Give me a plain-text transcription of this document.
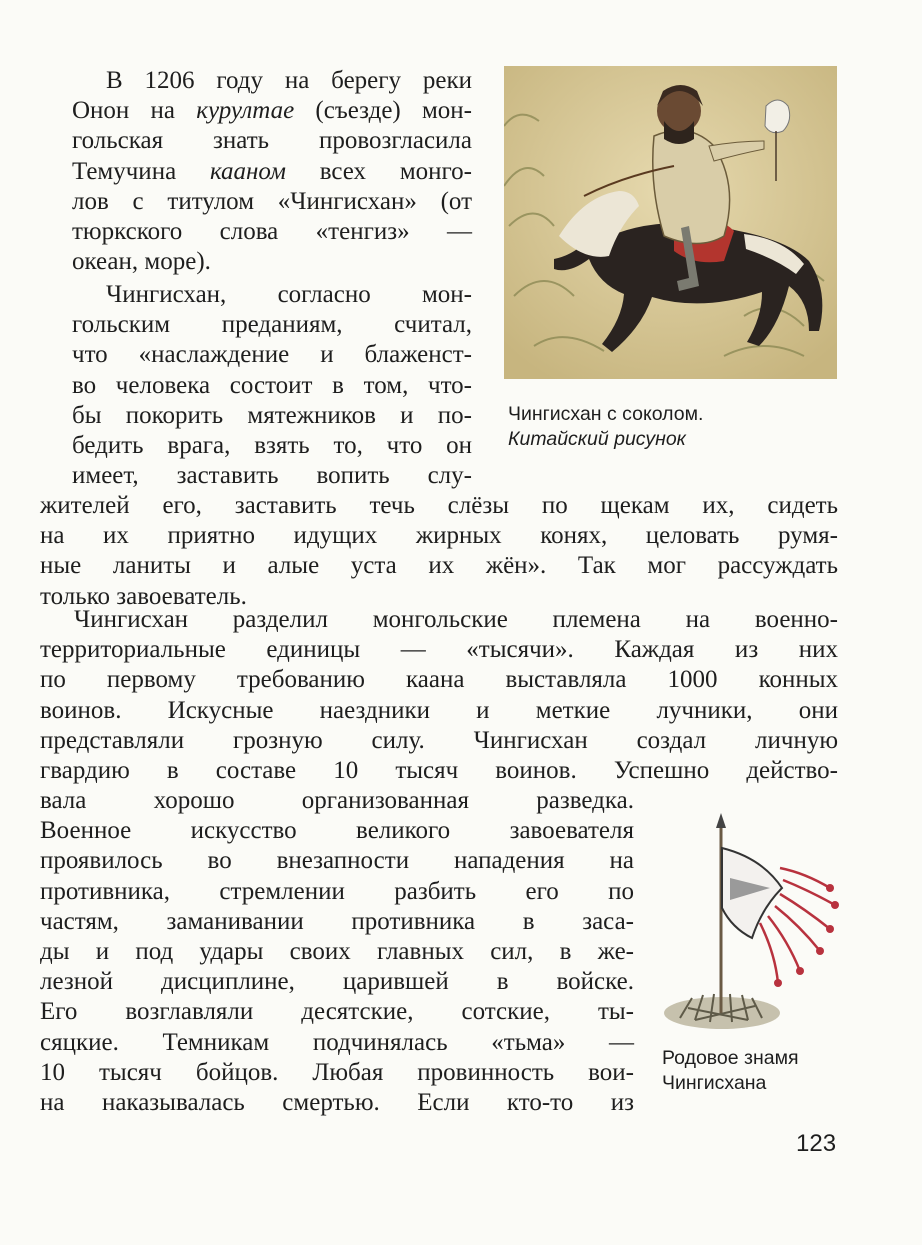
В 1206 году на берегу реки
Онон на курултае (съезде) мон-
гольская знать провозгласила
Темучина кааном всех монго-
лов с титулом «Чингисхан» (от
тюркского слова «тенгиз» —
океан, море).
Чингисхан, согласно мон-
гольским преданиям, считал,
что «наслаждение и блаженст-
во человека состоит в том, что-
бы покорить мятежников и по-
бедить врага, взять то, что он
имеет, заставить вопить слу-
жителей его, заставить течь слёзы по щекам их, сидеть
на их приятно идущих жирных конях, целовать румя-
ные ланиты и алые уста их жён». Так мог рассуждать
только завоеватель.
Чингисхан разделил монгольские племена на военно-
территориальные единицы — «тысячи». Каждая из них
по первому требованию каана выставляла 1000 конных
воинов. Искусные наездники и меткие лучники, они
представляли грозную силу. Чингисхан создал личную
гвардию в составе 10 тысяч воинов. Успешно действо-
вала хорошо организованная разведка.
Военное искусство великого завоевателя
проявилось во внезапности нападения на
противника, стремлении разбить его по
частям, заманивании противника в заса-
ды и под удары своих главных сил, в же-
лезной дисциплине, царившей в войске.
Его возглавляли десятские, сотские, ты-
сяцкие. Темникам подчинялась «тьма» —
10 тысяч бойцов. Любая провинность вои-
на наказывалась смертью. Если кто-то из
Чингисхан с соколом.
Китайский рисунок
Родовое знамя
Чингисхана
123
